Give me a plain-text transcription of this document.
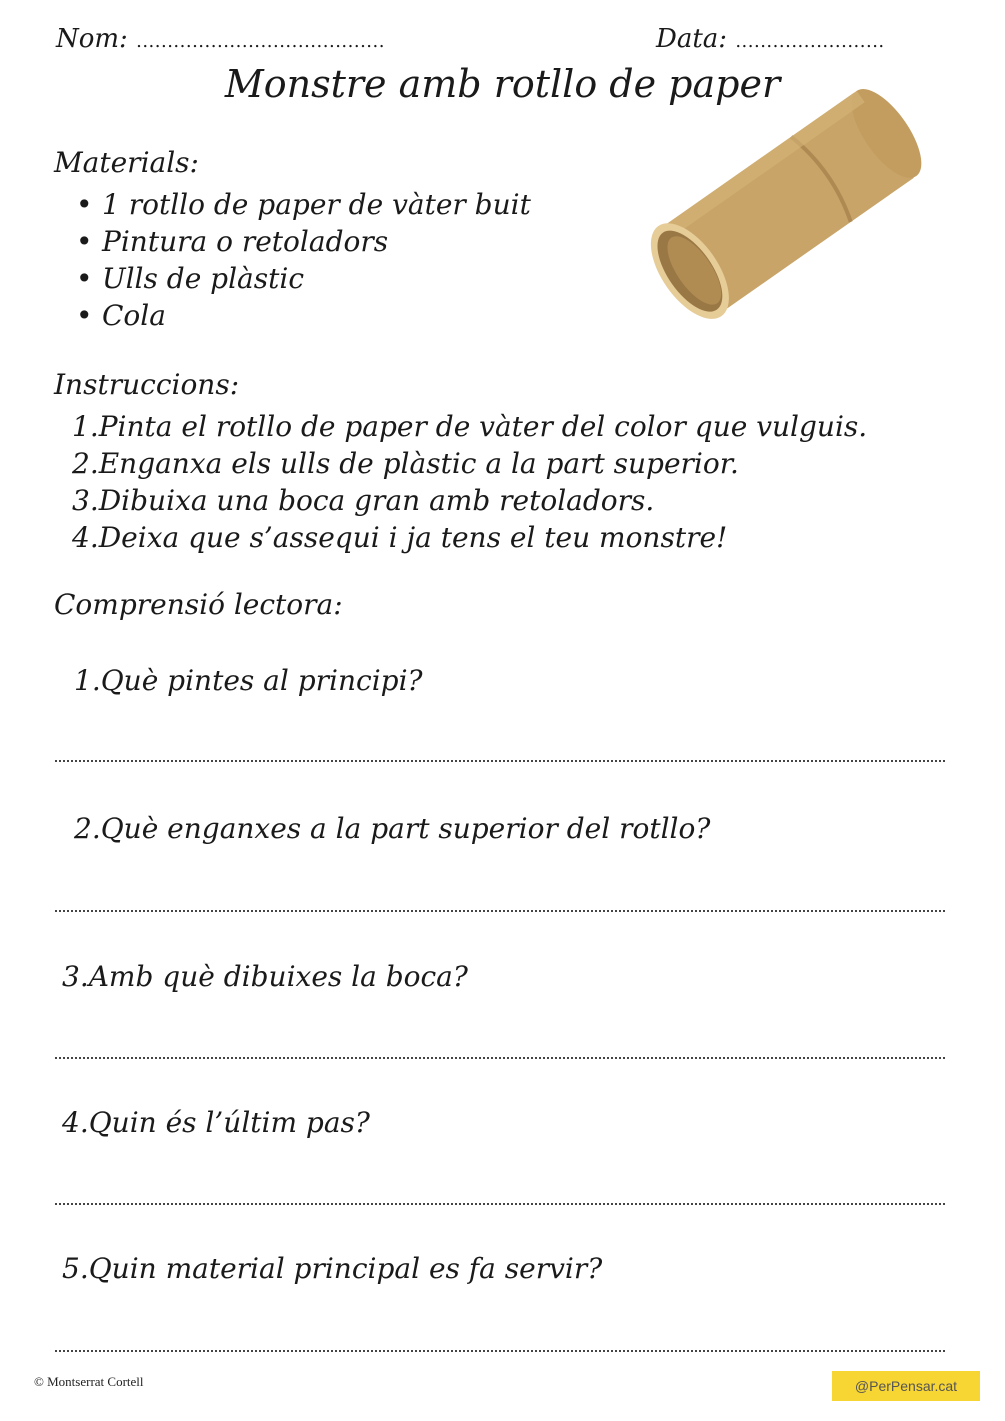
Nom: ........................................	Data: ........................
Monstre amb rotllo de paper
Materials:
• 1 rotllo de paper de vàter buit
• Pintura o retoladors
• Ulls de plàstic
• Cola
Instruccions:
1.Pinta el rotllo de paper de vàter del color que vulguis.
2.Enganxa els ulls de plàstic a la part superior.
3.Dibuixa una boca gran amb retoladors.
4.Deixa que s’assequi i ja tens el teu monstre!
Comprensió lectora:
1.Què pintes al principi?
2.Què enganxes a la part superior del rotllo?
3.Amb què dibuixes la boca?
4.Quin és l’últim pas?
5.Quin material principal es fa servir?
© Montserrat Cortell	@PerPensar.cat
